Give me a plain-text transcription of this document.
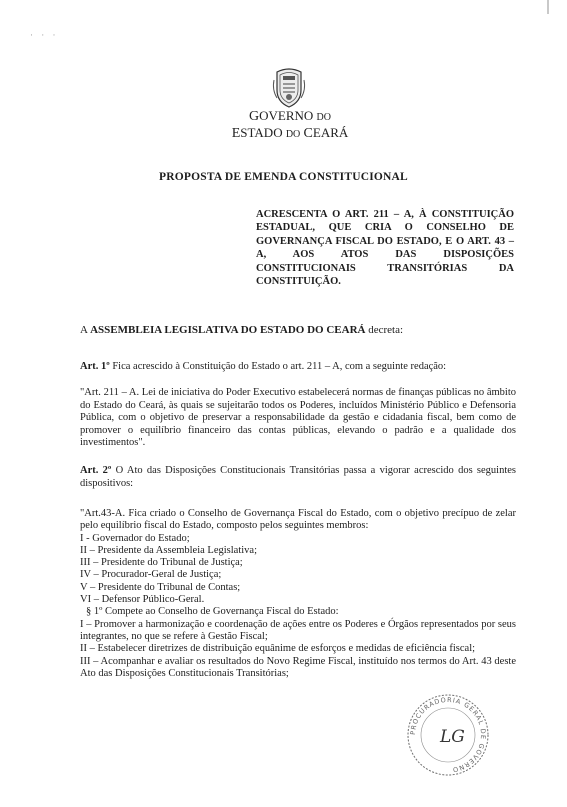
· · ·
GOVERNO DO
ESTADO DO CEARÁ
PROPOSTA DE EMENDA CONSTITUCIONAL
ACRESCENTA O ART. 211 – A, À CONSTITUIÇÃO ESTADUAL, QUE CRIA O CONSELHO DE GOVERNANÇA FISCAL DO ESTADO, E O ART. 43 – A, AOS ATOS DAS DISPOSIÇÕES CONSTITUCIONAIS TRANSITÓRIAS DA CONSTITUIÇÃO.
A ASSEMBLEIA LEGISLATIVA DO ESTADO DO CEARÁ decreta:
Art. 1º Fica acrescido à Constituição do Estado o art. 211 – A, com a seguinte redação:
"Art. 211 – A. Lei de iniciativa do Poder Executivo estabelecerá normas de finanças públicas no âmbito do Estado do Ceará, às quais se sujeitarão todos os Poderes, incluídos Ministério Público e Defensoria Pública, com o objetivo de preservar a responsabilidade da gestão e cidadania fiscal, bem como de promover o equilíbrio financeiro das contas públicas, elevando o padrão e a qualidade dos investimentos".
Art. 2º O Ato das Disposições Constitucionais Transitórias passa a vigorar acrescido dos seguintes dispositivos:
"Art.43-A. Fica criado o Conselho de Governança Fiscal do Estado, com o objetivo precípuo de zelar pelo equilíbrio fiscal do Estado, composto pelos seguintes membros:
I - Governador do Estado;
II – Presidente da Assembleia Legislativa;
III – Presidente do Tribunal de Justiça;
IV – Procurador-Geral de Justiça;
V – Presidente do Tribunal de Contas;
VI – Defensor Público-Geral.
§ 1º Compete ao Conselho de Governança Fiscal do Estado:
I – Promover a harmonização e coordenação de ações entre os Poderes e Órgãos representados por seus integrantes, no que se refere à Gestão Fiscal;
II – Estabelecer diretrizes de distribuição equânime de esforços e medidas de eficiência fiscal;
III – Acompanhar e avaliar os resultados do Novo Regime Fiscal, instituído nos termos do Art. 43 deste Ato das Disposições Constitucionais Transitórias;
PROCURADORIA GERAL DE GOVERNO
LG
